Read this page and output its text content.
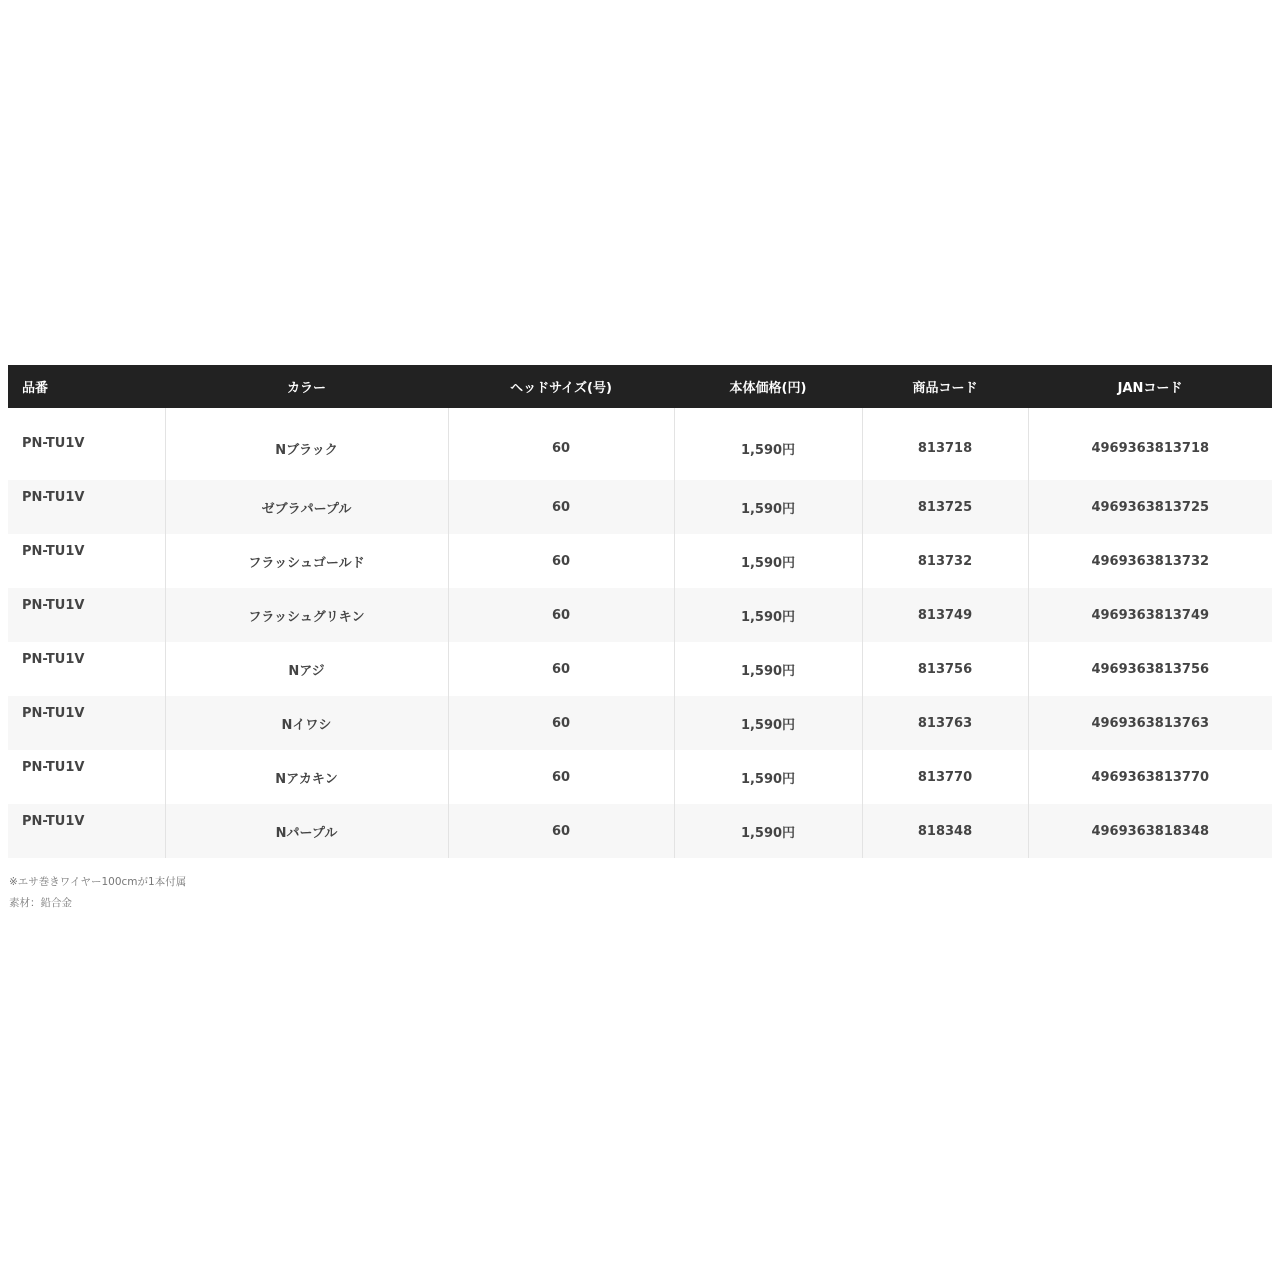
品番	カラー	ヘッドサイズ(号)	本体価格(円)	商品コード	JANコード
PN-TU1V	Nブラック	60	1,590円	813718	4969363813718
PN-TU1V	ゼブラパープル	60	1,590円	813725	4969363813725
PN-TU1V	フラッシュゴールド	60	1,590円	813732	4969363813732
PN-TU1V	フラッシュグリキン	60	1,590円	813749	4969363813749
PN-TU1V	Nアジ	60	1,590円	813756	4969363813756
PN-TU1V	Nイワシ	60	1,590円	813763	4969363813763
PN-TU1V	Nアカキン	60	1,590円	813770	4969363813770
PN-TU1V	Nパープル	60	1,590円	818348	4969363818348
※エサ巻きワイヤー100cmが1本付属
素材：鉛合金
